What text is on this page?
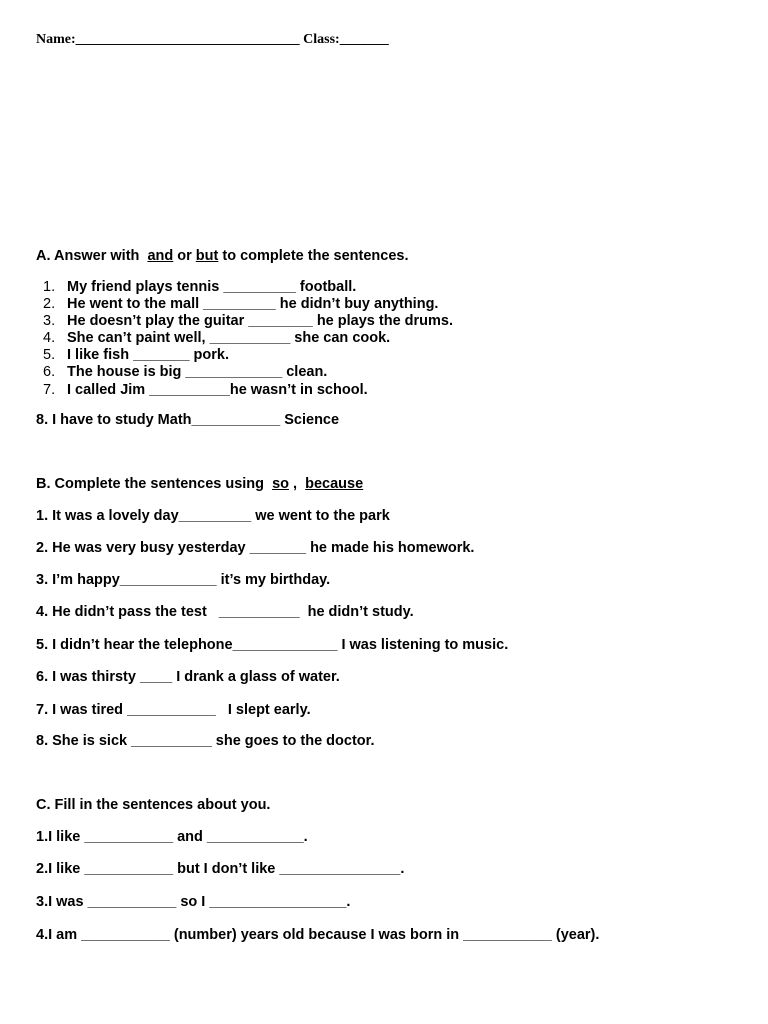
Name:________________________________ Class:_______
A. Answer with  and or but to complete the sentences.
1. My friend plays tennis _________ football.
2. He went to the mall _________ he didn’t buy anything.
3. He doesn’t play the guitar ________ he plays the drums.
4. She can’t paint well, __________ she can cook.
5. I like fish _______ pork.
6. The house is big ____________ clean.
7. I called Jim __________he wasn’t in school.
8. I have to study Math___________ Science
B. Complete the sentences using  so ,  because
1. It was a lovely day_________ we went to the park
2. He was very busy yesterday _______ he made his homework.
3. I’m happy____________ it’s my birthday.
4. He didn’t pass the test   __________  he didn’t study.
5. I didn’t hear the telephone_____________ I was listening to music.
6. I was thirsty ____ I drank a glass of water.
7. I was tired ___________   I slept early.
8. She is sick __________ she goes to the doctor.
C. Fill in the sentences about you.
1.I like ___________ and ____________.
2.I like ___________ but I don’t like _______________.
3.I was ___________ so I _________________.
4.I am ___________ (number) years old because I was born in ___________ (year).
